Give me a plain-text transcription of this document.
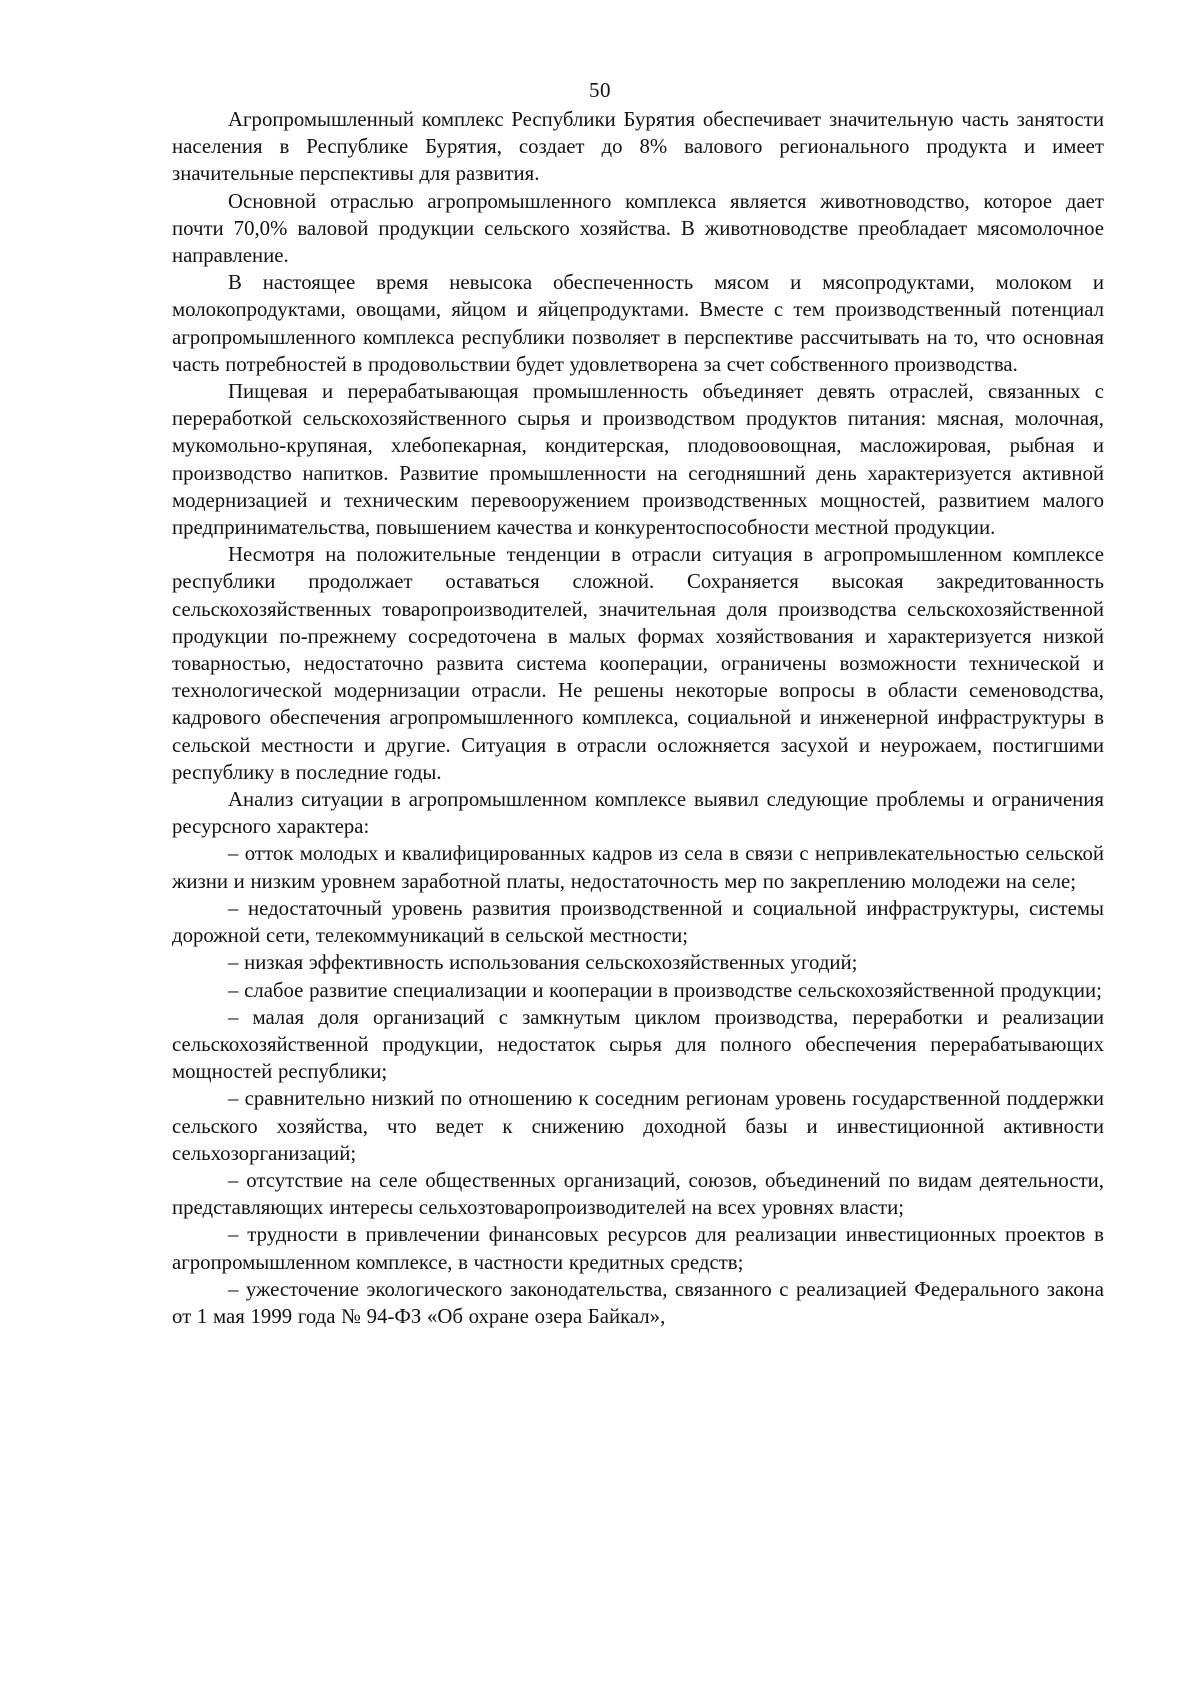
50

Агропромышленный комплекс Республики Бурятия обеспечивает значительную часть занятости населения в Республике Бурятия, создает до 8% валового регионального продукта и имеет значительные перспективы для развития.

Основной отраслью агропромышленного комплекса является животноводство, которое дает почти 70,0% валовой продукции сельского хозяйства. В животноводстве преобладает мясомолочное направление.

В настоящее время невысока обеспеченность мясом и мясопродуктами, молоком и молокопродуктами, овощами, яйцом и яйцепродуктами. Вместе с тем производственный потенциал агропромышленного комплекса республики позволяет в перспективе рассчитывать на то, что основная часть потребностей в продовольствии будет удовлетворена за счет собственного производства.

Пищевая и перерабатывающая промышленность объединяет девять отраслей, связанных с переработкой сельскохозяйственного сырья и производством продуктов питания: мясная, молочная, мукомольно-крупяная, хлебопекарная, кондитерская, плодовоовощная, масложировая, рыбная и производство напитков. Развитие промышленности на сегодняшний день характеризуется активной модернизацией и техническим перевооружением производственных мощностей, развитием малого предпринимательства, повышением качества и конкурентоспособности местной продукции.

Несмотря на положительные тенденции в отрасли ситуация в агропромышленном комплексе республики продолжает оставаться сложной. Сохраняется высокая закредитованность сельскохозяйственных товаропроизводителей, значительная доля производства сельскохозяйственной продукции по-прежнему сосредоточена в малых формах хозяйствования и характеризуется низкой товарностью, недостаточно развита система кооперации, ограничены возможности технической и технологической модернизации отрасли. Не решены некоторые вопросы в области семеноводства, кадрового обеспечения агропромышленного комплекса, социальной и инженерной инфраструктуры в сельской местности и другие. Ситуация в отрасли осложняется засухой и неурожаем, постигшими республику в последние годы.

Анализ ситуации в агропромышленном комплексе выявил следующие проблемы и ограничения ресурсного характера:

– отток молодых и квалифицированных кадров из села в связи с непривлекательностью сельской жизни и низким уровнем заработной платы, недостаточность мер по закреплению молодежи на селе;

– недостаточный уровень развития производственной и социальной инфраструктуры, системы дорожной сети, телекоммуникаций в сельской местности;

– низкая эффективность использования сельскохозяйственных угодий;

– слабое развитие специализации и кооперации в производстве сельскохозяйственной продукции;

– малая доля организаций с замкнутым циклом производства, переработки и реализации сельскохозяйственной продукции, недостаток сырья для полного обеспечения перерабатывающих мощностей республики;

– сравнительно низкий по отношению к соседним регионам уровень государственной поддержки сельского хозяйства, что ведет к снижению доходной базы и инвестиционной активности сельхозорганизаций;

– отсутствие на селе общественных организаций, союзов, объединений по видам деятельности, представляющих интересы сельхозтоваропроизводителей на всех уровнях власти;

– трудности в привлечении финансовых ресурсов для реализации инвестиционных проектов в агропромышленном комплексе, в частности кредитных средств;

– ужесточение экологического законодательства, связанного с реализацией Федерального закона от 1 мая 1999 года № 94-ФЗ «Об охране озера Байкал»,
